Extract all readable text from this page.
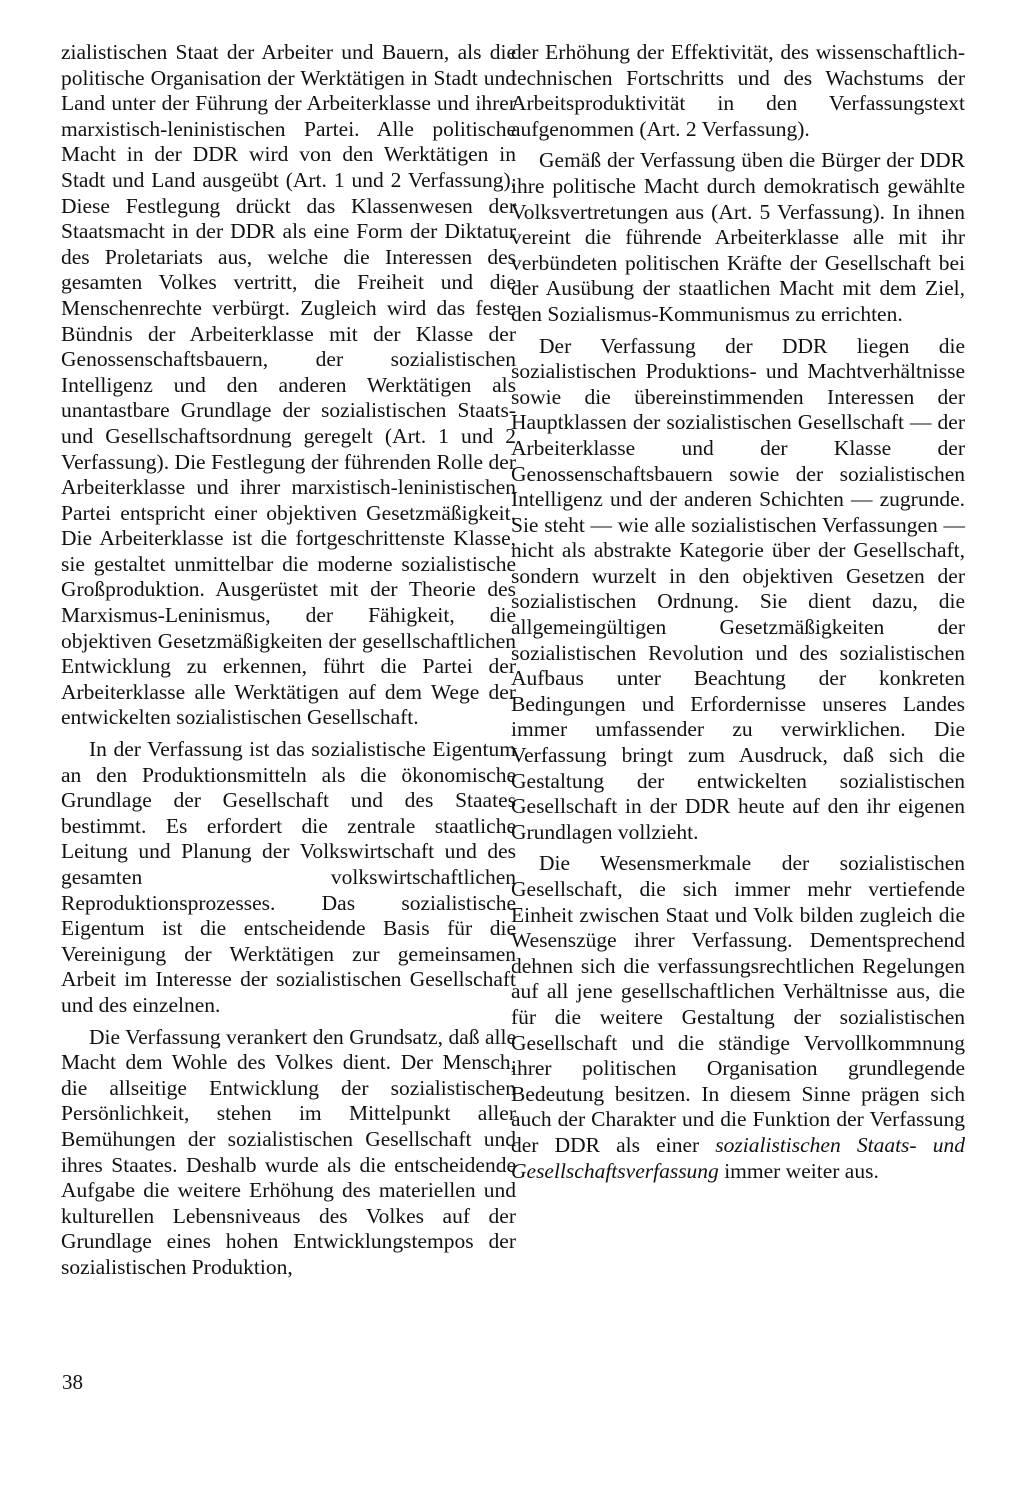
zialistischen Staat der Arbeiter und Bauern, als die politische Organisation der Werktätigen in Stadt und Land unter der Führung der Arbeiterklasse und ihrer marxistisch-leninistischen Partei. Alle politische Macht in der DDR wird von den Werktätigen in Stadt und Land ausgeübt (Art. 1 und 2 Verfassung). Diese Festlegung drückt das Klassenwesen der Staatsmacht in der DDR als eine Form der Diktatur des Proletariats aus, welche die Interessen des gesamten Volkes vertritt, die Freiheit und die Menschenrechte verbürgt. Zugleich wird das feste Bündnis der Arbeiterklasse mit der Klasse der Genossenschaftsbauern, der sozialistischen Intelligenz und den anderen Werktätigen als unantastbare Grundlage der sozialistischen Staats- und Gesellschaftsordnung geregelt (Art. 1 und 2 Verfassung). Die Festlegung der führenden Rolle der Arbeiterklasse und ihrer marxistisch-leninistischen Partei entspricht einer objektiven Gesetzmäßigkeit. Die Arbeiterklasse ist die fortgeschrittenste Klasse, sie gestaltet unmittelbar die moderne sozialistische Großproduktion. Ausgerüstet mit der Theorie des Marxismus-Leninismus, der Fähigkeit, die objektiven Gesetzmäßigkeiten der gesellschaftlichen Entwicklung zu erkennen, führt die Partei der Arbeiterklasse alle Werktätigen auf dem Wege der entwickelten sozialistischen Gesellschaft.

In der Verfassung ist das sozialistische Eigentum an den Produktionsmitteln als die ökonomische Grundlage der Gesellschaft und des Staates bestimmt. Es erfordert die zentrale staatliche Leitung und Planung der Volkswirtschaft und des gesamten volkswirtschaftlichen Reproduktionsprozesses. Das sozialistische Eigentum ist die entscheidende Basis für die Vereinigung der Werktätigen zur gemeinsamen Arbeit im Interesse der sozialistischen Gesellschaft und des einzelnen.

Die Verfassung verankert den Grundsatz, daß alle Macht dem Wohle des Volkes dient. Der Mensch, die allseitige Entwicklung der sozialistischen Persönlichkeit, stehen im Mittelpunkt aller Bemühungen der sozialistischen Gesellschaft und ihres Staates. Deshalb wurde als die entscheidende Aufgabe die weitere Erhöhung des materiellen und kulturellen Lebensniveaus des Volkes auf der Grundlage eines hohen Entwicklungstempos der sozialistischen Produktion,

der Erhöhung der Effektivität, des wissenschaftlich-technischen Fortschritts und des Wachstums der Arbeitsproduktivität in den Verfassungstext aufgenommen (Art. 2 Verfassung).

Gemäß der Verfassung üben die Bürger der DDR ihre politische Macht durch demokratisch gewählte Volksvertretungen aus (Art. 5 Verfassung). In ihnen vereint die führende Arbeiterklasse alle mit ihr verbündeten politischen Kräfte der Gesellschaft bei der Ausübung der staatlichen Macht mit dem Ziel, den Sozialismus-Kommunismus zu errichten.

Der Verfassung der DDR liegen die sozialistischen Produktions- und Machtverhältnisse sowie die übereinstimmenden Interessen der Hauptklassen der sozialistischen Gesellschaft — der Arbeiterklasse und der Klasse der Genossenschaftsbauern sowie der sozialistischen Intelligenz und der anderen Schichten — zugrunde. Sie steht — wie alle sozialistischen Verfassungen — nicht als abstrakte Kategorie über der Gesellschaft, sondern wurzelt in den objektiven Gesetzen der sozialistischen Ordnung. Sie dient dazu, die allgemeingültigen Gesetzmäßigkeiten der sozialistischen Revolution und des sozialistischen Aufbaus unter Beachtung der konkreten Bedingungen und Erfordernisse unseres Landes immer umfassender zu verwirklichen. Die Verfassung bringt zum Ausdruck, daß sich die Gestaltung der entwickelten sozialistischen Gesellschaft in der DDR heute auf den ihr eigenen Grundlagen vollzieht.

Die Wesensmerkmale der sozialistischen Gesellschaft, die sich immer mehr vertiefende Einheit zwischen Staat und Volk bilden zugleich die Wesenszüge ihrer Verfassung. Dementsprechend dehnen sich die verfassungsrechtlichen Regelungen auf all jene gesellschaftlichen Verhältnisse aus, die für die weitere Gestaltung der sozialistischen Gesellschaft und die ständige Vervollkommnung ihrer politischen Organisation grundlegende Bedeutung besitzen. In diesem Sinne prägen sich auch der Charakter und die Funktion der Verfassung der DDR als einer sozialistischen Staats- und Gesellschaftsverfassung immer weiter aus.

38
